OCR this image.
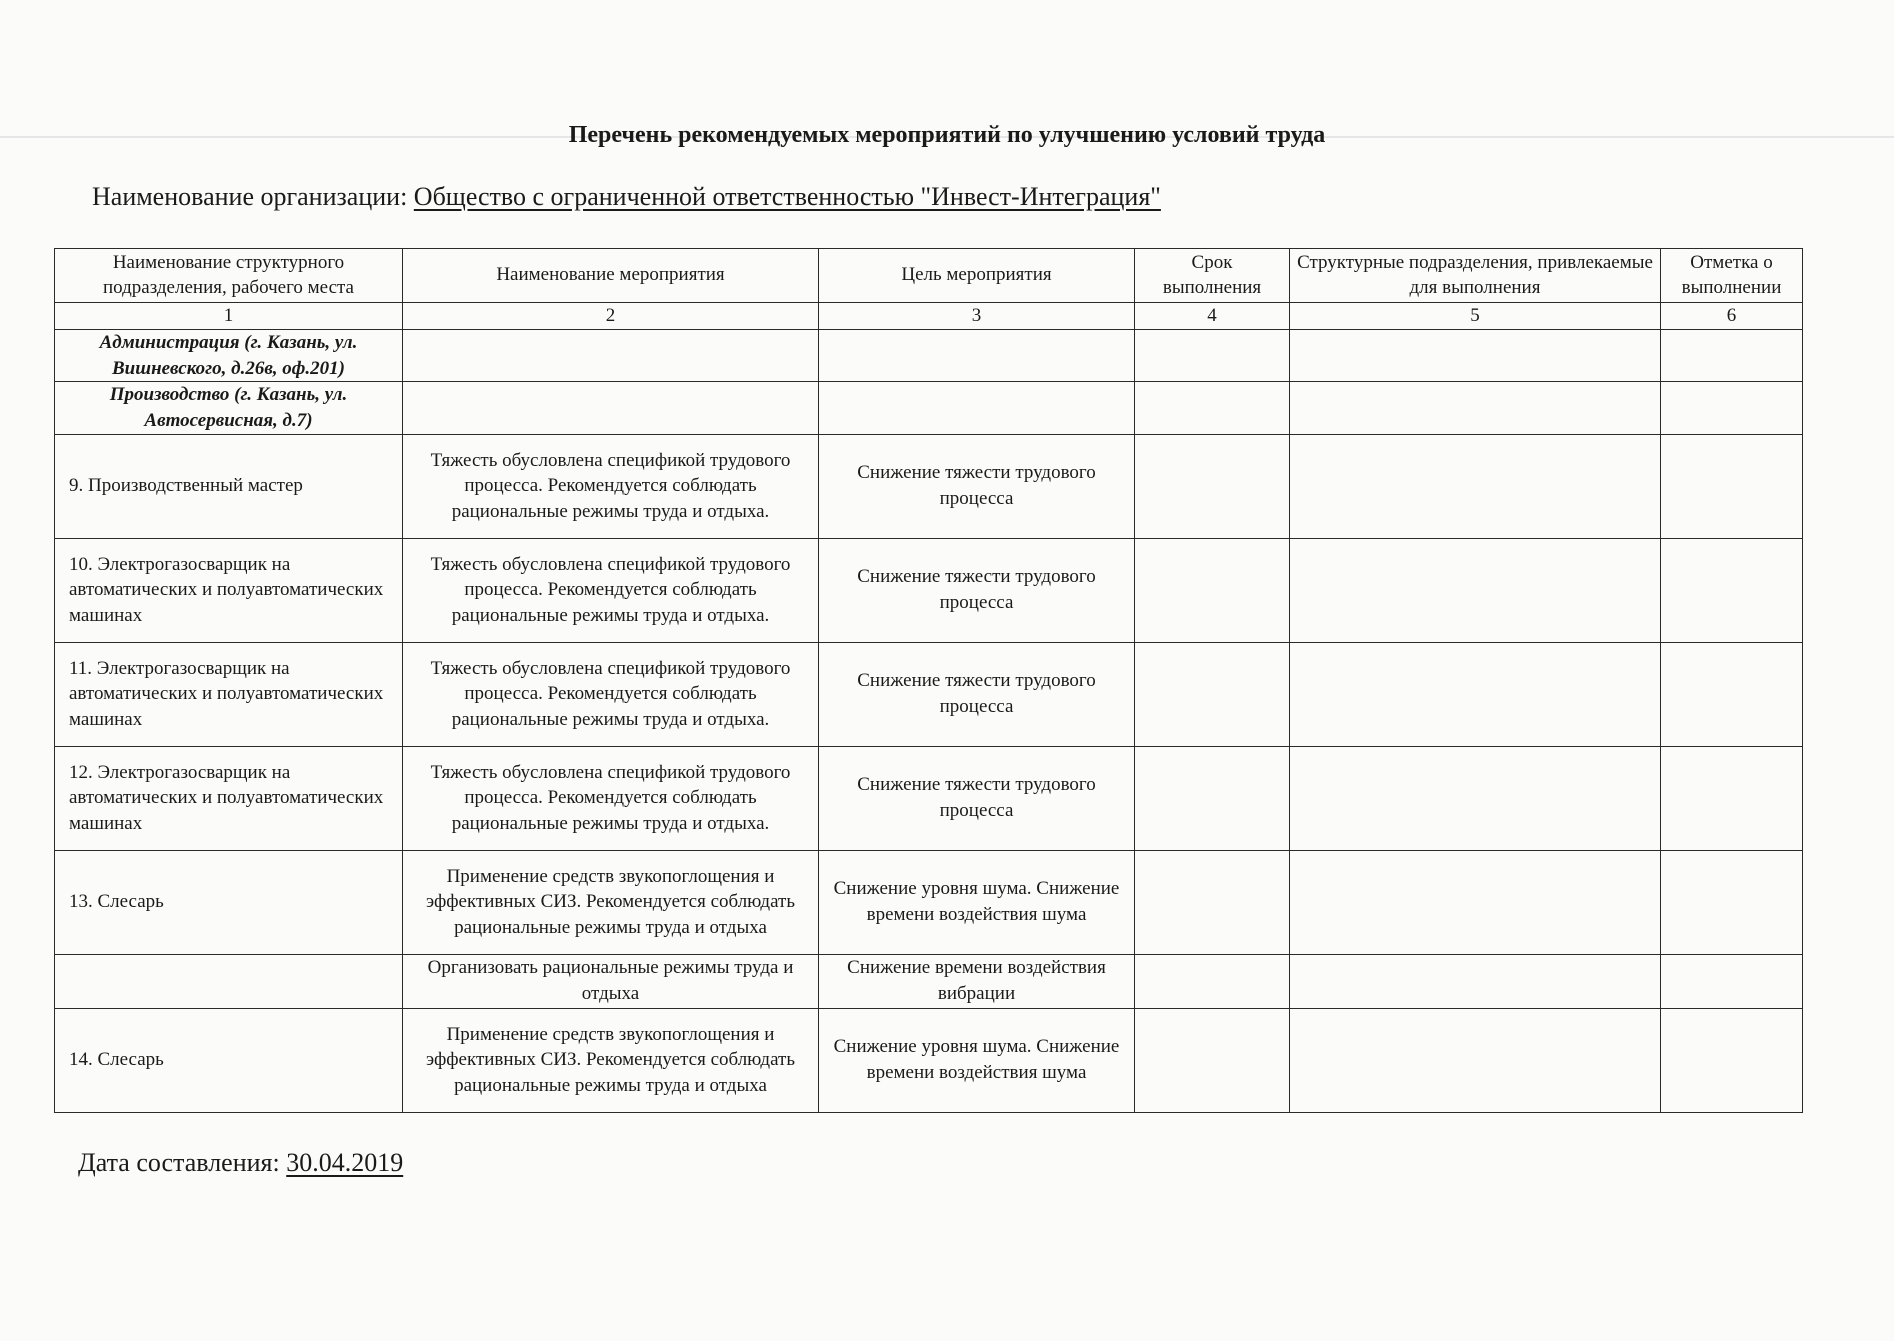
Перечень рекомендуемых мероприятий по улучшению условий труда
Наименование организации: Общество с ограниченной ответственностью "Инвест-Интеграция"
Наименование структурного подразделения, рабочего места	Наименование мероприятия	Цель мероприятия	Срок выполнения	Структурные подразделения, привлекаемые для выполнения	Отметка о выполнении
1	2	3	4	5	6
Администрация (г. Казань, ул. Вишневского, д.26в, оф.201)					
Производство (г. Казань, ул. Автосервисная, д.7)					
9. Производственный мастер	Тяжесть обусловлена спецификой трудового процесса. Рекомендуется соблюдать рациональные режимы труда и отдыха.	Снижение тяжести трудового процесса			
10. Электрогазосварщик на автоматических и полуавтоматических машинах	Тяжесть обусловлена спецификой трудового процесса. Рекомендуется соблюдать рациональные режимы труда и отдыха.	Снижение тяжести трудового процесса			
11. Электрогазосварщик на автоматических и полуавтоматических машинах	Тяжесть обусловлена спецификой трудового процесса. Рекомендуется соблюдать рациональные режимы труда и отдыха.	Снижение тяжести трудового процесса			
12. Электрогазосварщик на автоматических и полуавтоматических машинах	Тяжесть обусловлена спецификой трудового процесса. Рекомендуется соблюдать рациональные режимы труда и отдыха.	Снижение тяжести трудового процесса			
13. Слесарь	Применение средств звукопоглощения и эффективных СИЗ. Рекомендуется соблюдать рациональные режимы труда и отдыха	Снижение уровня шума. Снижение времени воздействия шума			
	Организовать рациональные режимы труда и отдыха	Снижение времени воздействия вибрации			
14. Слесарь	Применение средств звукопоглощения и эффективных СИЗ. Рекомендуется соблюдать рациональные режимы труда и отдыха	Снижение уровня шума. Снижение времени воздействия шума			
Дата составления: 30.04.2019
